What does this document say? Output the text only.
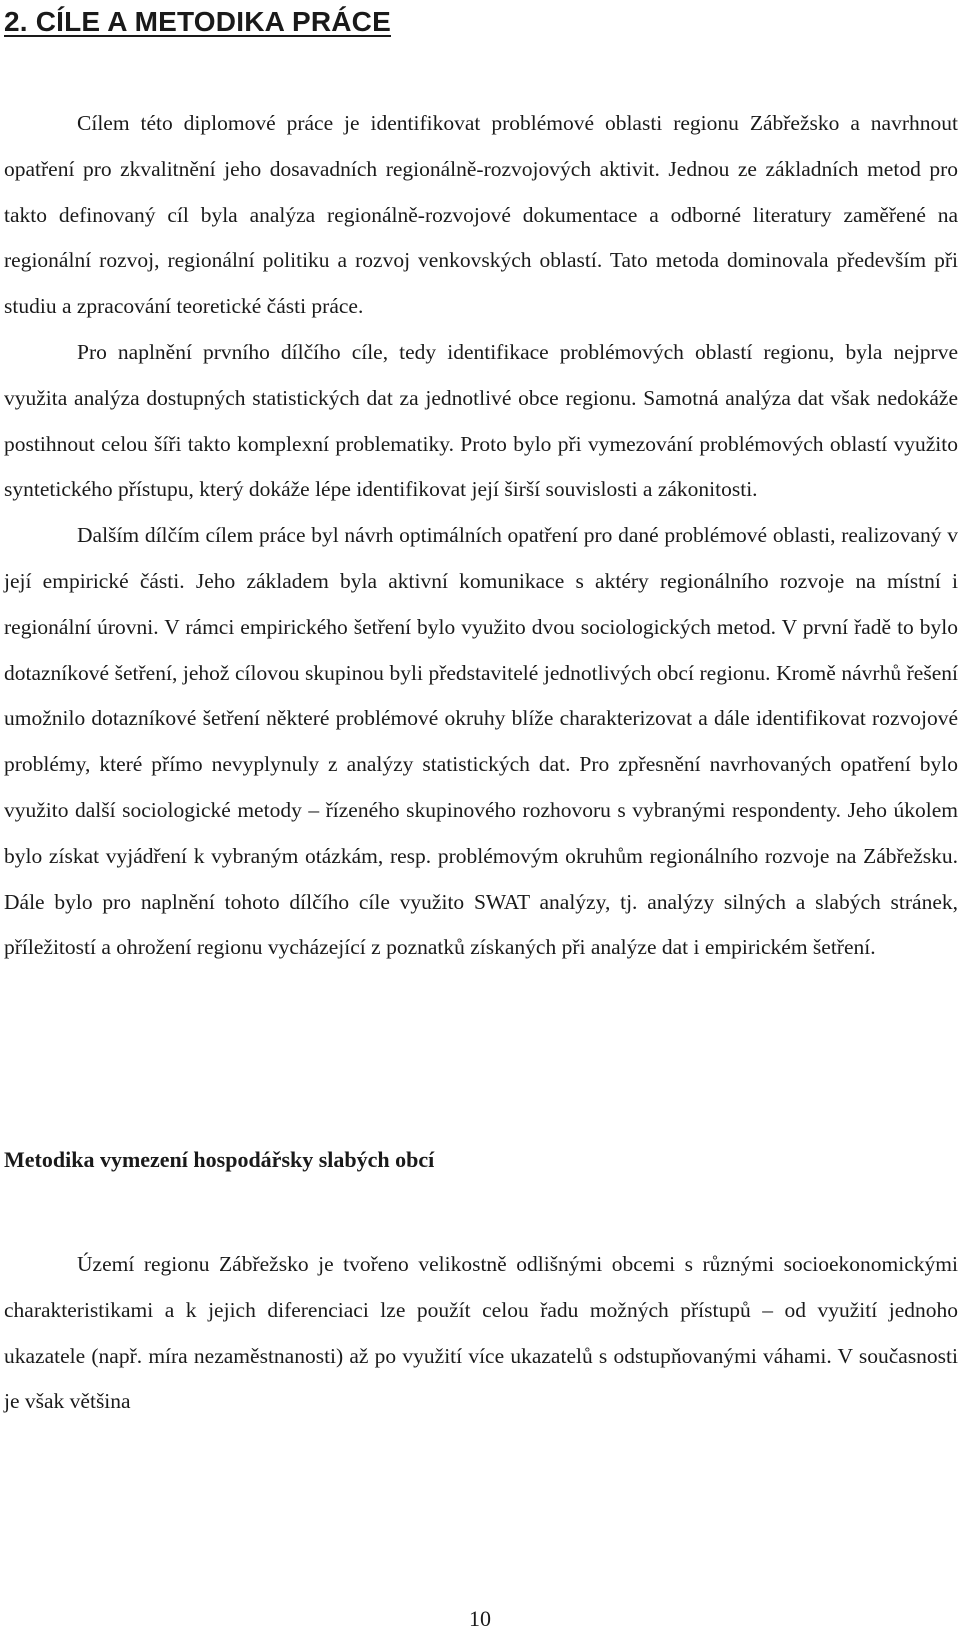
2. CÍLE A METODIKA PRÁCE

Cílem této diplomové práce je identifikovat problémové oblasti regionu Zábřežsko a navrhnout opatření pro zkvalitnění jeho dosavadních regionálně-rozvojových aktivit. Jednou ze základních metod pro takto definovaný cíl byla analýza regionálně-rozvojové dokumentace a odborné literatury zaměřené na regionální rozvoj, regionální politiku a rozvoj venkovských oblastí. Tato metoda dominovala především při studiu a zpracování teoretické části práce.

Pro naplnění prvního dílčího cíle, tedy identifikace problémových oblastí regionu, byla nejprve využita analýza dostupných statistických dat za jednotlivé obce regionu. Samotná analýza dat však nedokáže postihnout celou šíři takto komplexní problematiky. Proto bylo při vymezování problémových oblastí využito syntetického přístupu, který dokáže lépe identifikovat její širší souvislosti a zákonitosti.

Dalším dílčím cílem práce byl návrh optimálních opatření pro dané problémové oblasti, realizovaný v její empirické části. Jeho základem byla aktivní komunikace s aktéry regionálního rozvoje na místní i regionální úrovni. V rámci empirického šetření bylo využito dvou sociologických metod. V první řadě to bylo dotazníkové šetření, jehož cílovou skupinou byli představitelé jednotlivých obcí regionu. Kromě návrhů řešení umožnilo dotazníkové šetření některé problémové okruhy blíže charakterizovat a dále identifikovat rozvojové problémy, které přímo nevyplynuly z analýzy statistických dat. Pro zpřesnění navrhovaných opatření bylo využito další sociologické metody – řízeného skupinového rozhovoru s vybranými respondenty. Jeho úkolem bylo získat vyjádření k vybraným otázkám, resp. problémovým okruhům regionálního rozvoje na Zábřežsku. Dále bylo pro naplnění tohoto dílčího cíle využito SWAT analýzy, tj. analýzy silných a slabých stránek, příležitostí a ohrožení regionu vycházející z poznatků získaných při analýze dat i empirickém šetření.

Metodika vymezení hospodářsky slabých obcí

Území regionu Zábřežsko je tvořeno velikostně odlišnými obcemi s různými socioekonomickými charakteristikami a k jejich diferenciaci lze použít celou řadu možných přístupů – od využití jednoho ukazatele (např. míra nezaměstnanosti) až po využití více ukazatelů s odstupňovanými váhami. V současnosti je však většina

10
